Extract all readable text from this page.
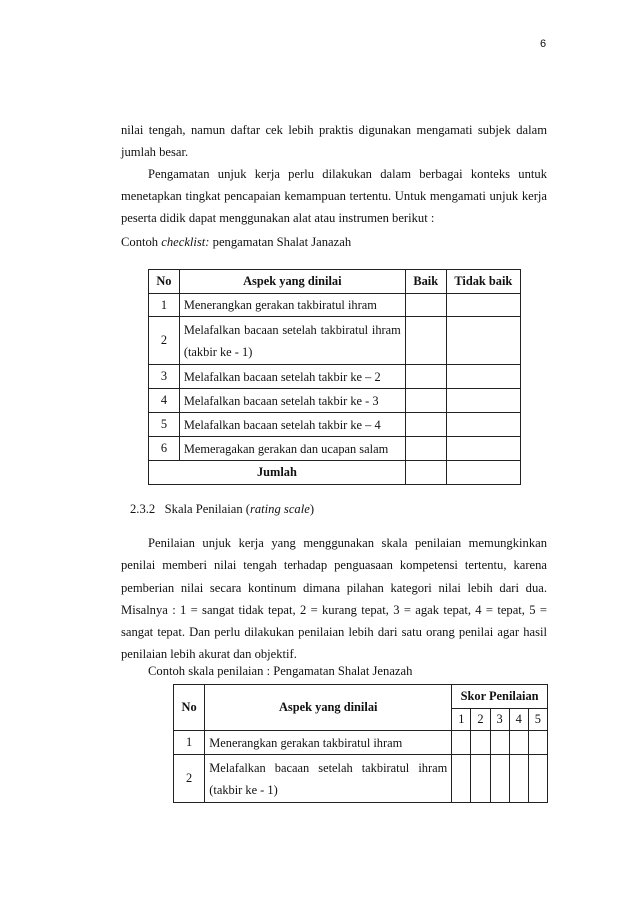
6

nilai tengah, namun daftar cek lebih praktis digunakan mengamati subjek dalam jumlah besar.

Pengamatan unjuk kerja perlu dilakukan dalam berbagai konteks untuk menetapkan tingkat pencapaian kemampuan tertentu. Untuk mengamati unjuk kerja peserta didik dapat menggunakan alat atau instrumen berikut :

Contoh checklist: pengamatan Shalat Janazah
No	Aspek yang dinilai	Baik	Tidak baik
1	Menerangkan gerakan takbiratul ihram		
2	Melafalkan bacaan setelah takbiratul ihram (takbir ke - 1)		
3	Melafalkan bacaan setelah takbir ke – 2		
4	Melafalkan bacaan setelah takbir ke - 3		
5	Melafalkan bacaan setelah takbir ke – 4		
6	Memeragakan gerakan dan ucapan salam		
Jumlah			
2.3.2 Skala Penilaian (rating scale)

Penilaian unjuk kerja yang menggunakan skala penilaian memungkinkan penilai memberi nilai tengah terhadap penguasaan kompetensi tertentu, karena pemberian nilai secara kontinum dimana pilahan kategori nilai lebih dari dua. Misalnya : 1 = sangat tidak tepat, 2 = kurang tepat, 3 = agak tepat, 4 = tepat, 5 = sangat tepat. Dan perlu dilakukan penilaian lebih dari satu orang penilai agar hasil penilaian lebih akurat dan objektif.

Contoh skala penilaian : Pengamatan Shalat Jenazah
No	Aspek yang dinilai	Skor Penilaian				
		1	2	3	4	5
1	Menerangkan gerakan takbiratul ihram					
2	Melafalkan bacaan setelah takbiratul ihram (takbir ke - 1)					
